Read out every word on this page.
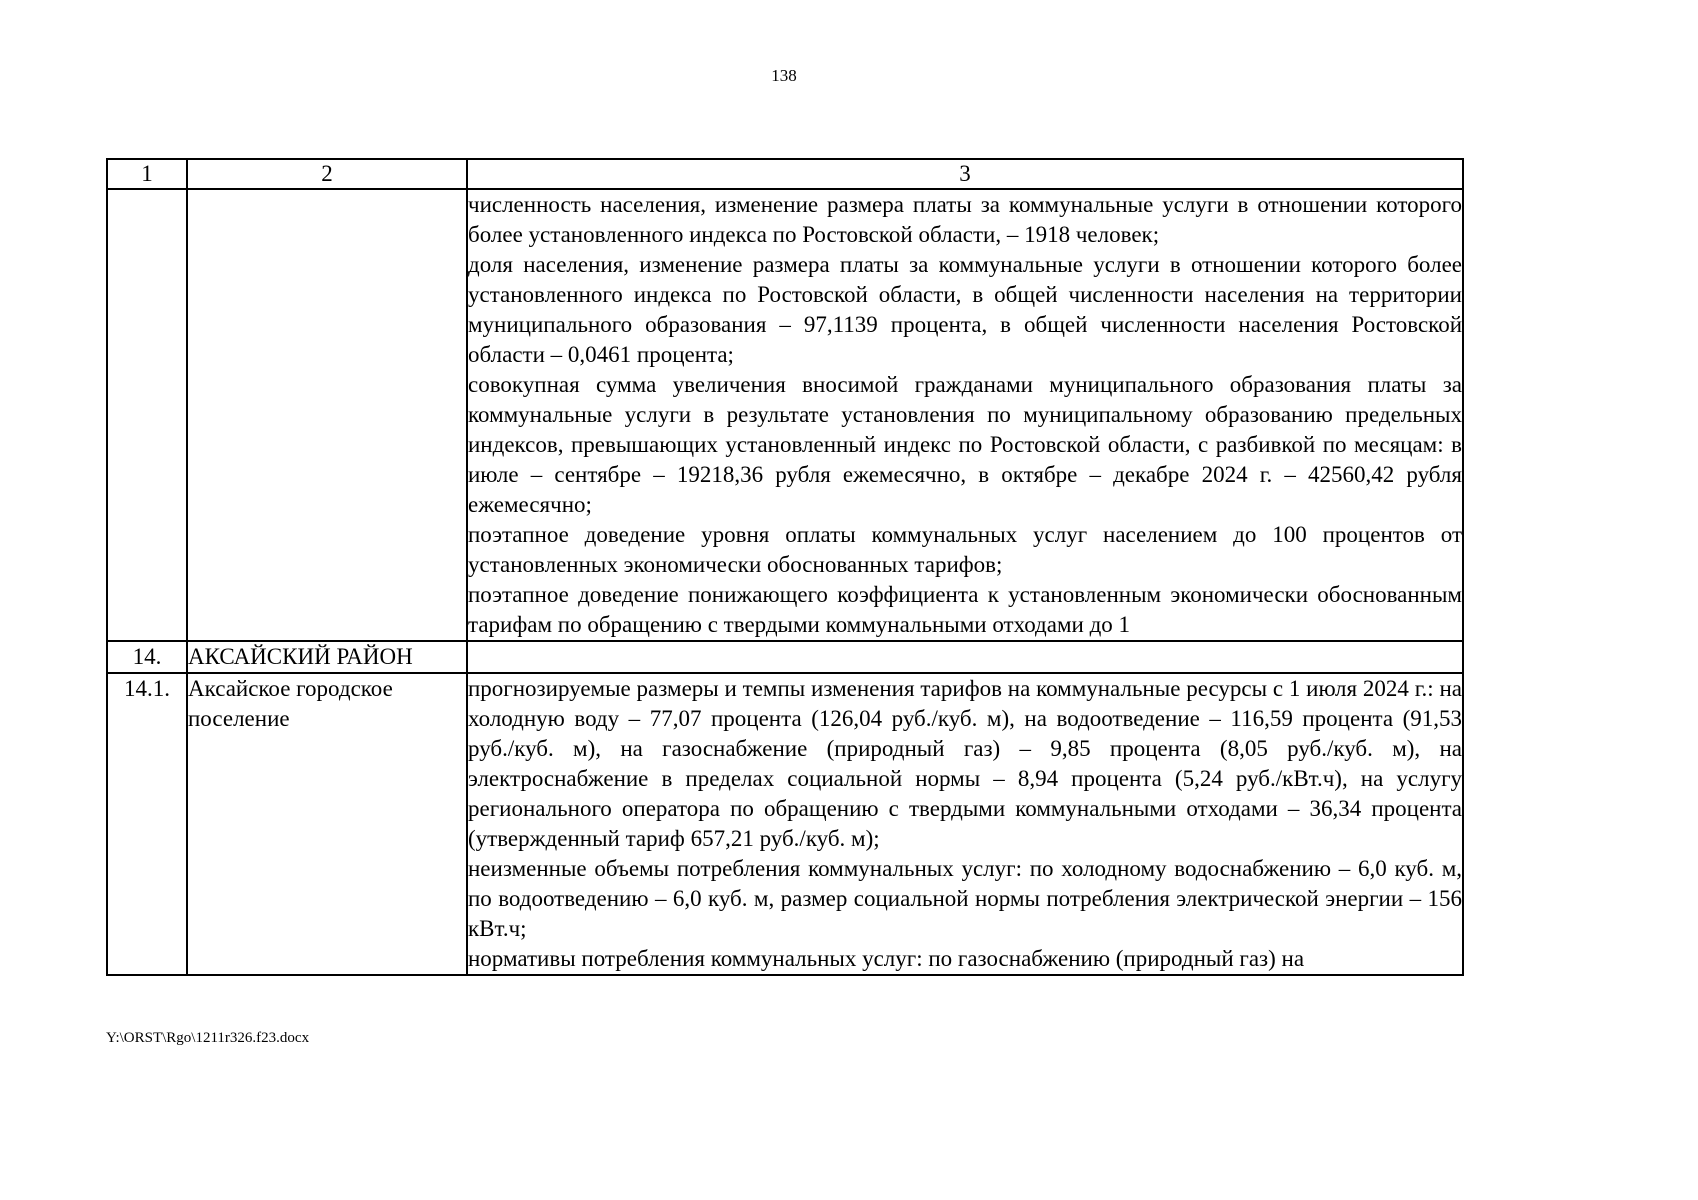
138
1	2	3

		численность населения, изменение размера платы за коммунальные услуги в отношении которого более установленного индекса по Ростовской области, – 1918 человек;

доля населения, изменение размера платы за коммунальные услуги в отношении которого более установленного индекса по Ростовской области, в общей численности населения на территории муниципального образования – 97,1139 процента, в общей численности населения Ростовской области – 0,0461 процента;

совокупная сумма увеличения вносимой гражданами муниципального образования платы за коммунальные услуги в результате установления по муниципальному образованию предельных индексов, превышающих установленный индекс по Ростовской области, с разбивкой по месяцам: в июле – сентябре – 19218,36 рубля ежемесячно, в октябре – декабре 2024 г. – 42560,42 рубля ежемесячно;

поэтапное доведение уровня оплаты коммунальных услуг населением до 100 процентов от установленных экономически обоснованных тарифов;

поэтапное доведение понижающего коэффициента к установленным экономически обоснованным тарифам по обращению с твердыми коммунальными отходами до 1

14.	АКСАЙСКИЙ РАЙОН	

14.1.	Аксайское городское поселение	прогнозируемые размеры и темпы изменения тарифов на коммунальные ресурсы с 1 июля 2024 г.: на холодную воду – 77,07 процента (126,04 руб./куб. м), на водоотведение – 116,59 процента (91,53 руб./куб. м), на газоснабжение (природный газ) – 9,85 процента (8,05 руб./куб. м), на электроснабжение в пределах социальной нормы – 8,94 процента (5,24 руб./кВт.ч), на услугу регионального оператора по обращению с твердыми коммунальными отходами – 36,34 процента (утвержденный тариф 657,21 руб./куб. м);

неизменные объемы потребления коммунальных услуг: по холодному водоснабжению – 6,0 куб. м, по водоотведению – 6,0 куб. м, размер социальной нормы потребления электрической энергии – 156 кВт.ч;

нормативы потребления коммунальных услуг: по газоснабжению (природный газ) на

Y:\ORST\Rgo\1211r326.f23.docx
